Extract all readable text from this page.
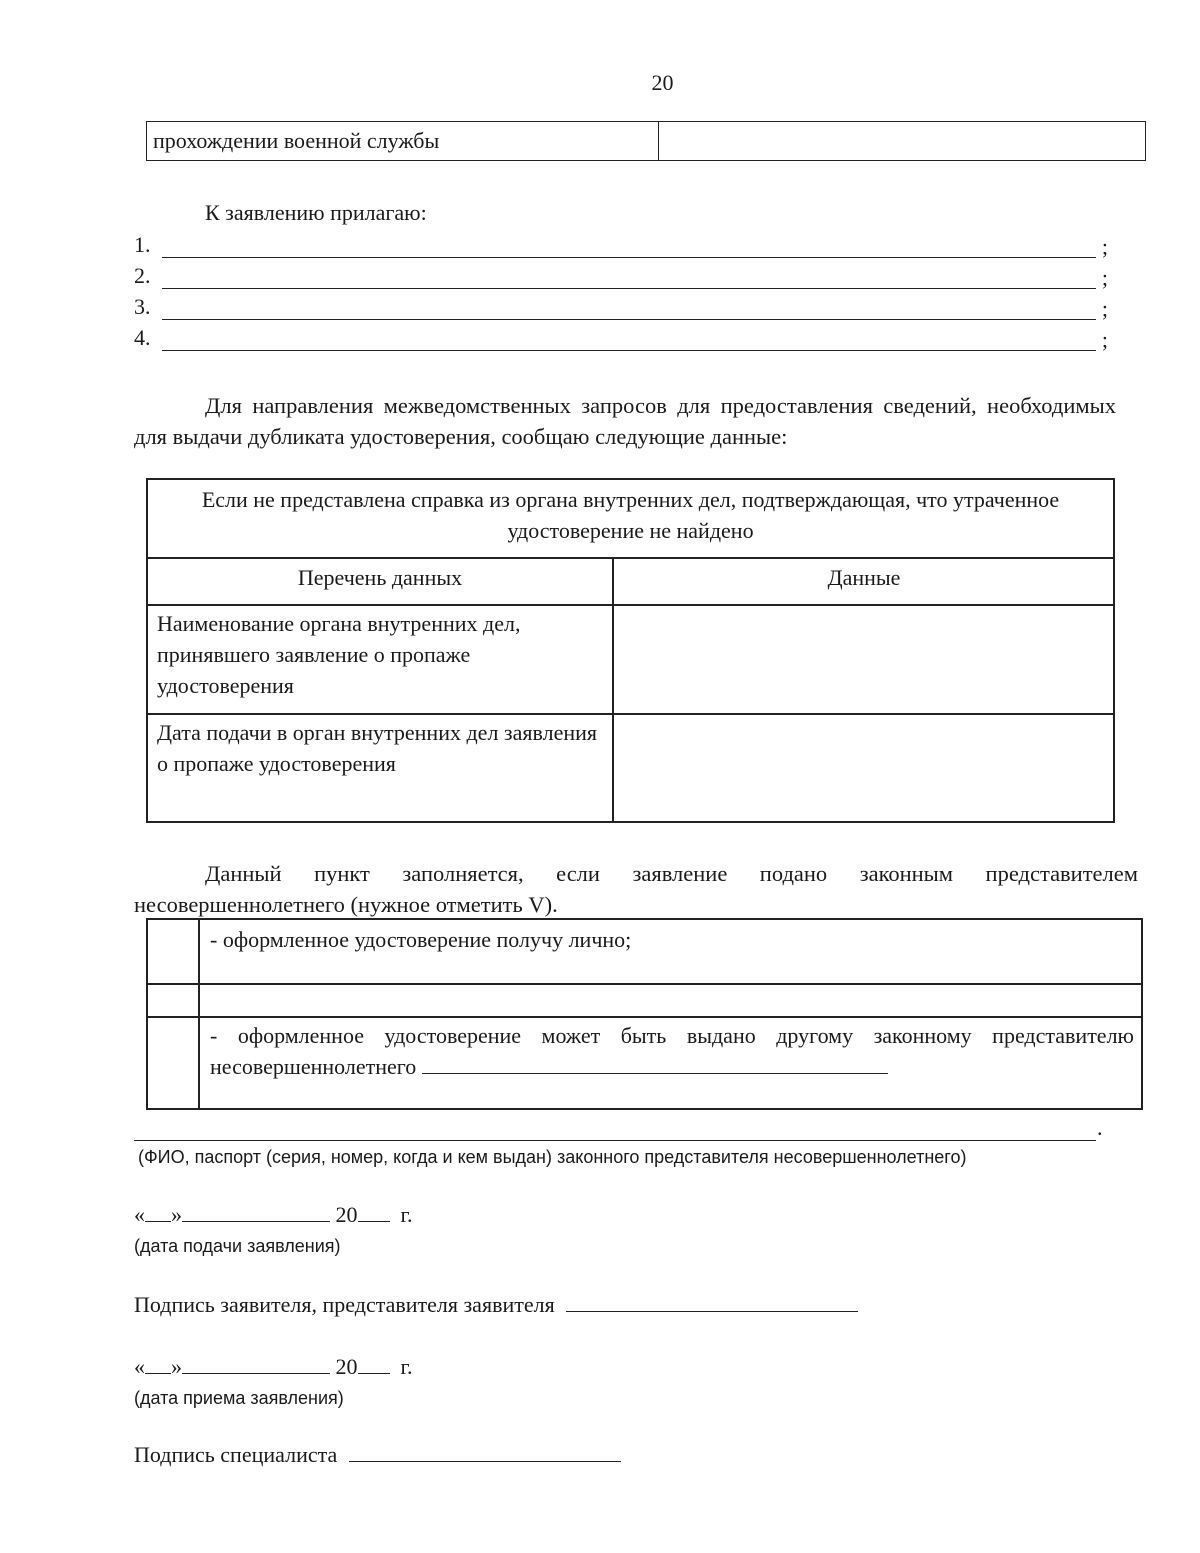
20
прохождении военной службы
К заявлению прилагаю:
1.	;
2.	;
3.	;
4.	;
Для направления межведомственных запросов для предоставления сведений, необходимых для выдачи дубликата удостоверения, сообщаю следующие данные:
Если не представлена справка из органа внутренних дел, подтверждающая, что утраченное удостоверение не найдено
Перечень данных	Данные
Наименование органа внутренних дел, принявшего заявление о пропаже удостоверения
Дата подачи в орган внутренних дел заявления о пропаже удостоверения
Данный пункт заполняется, если заявление подано законным представителем несовершеннолетнего (нужное отметить V).
- оформленное удостоверение получу лично;
- оформленное удостоверение может быть выдано другому законному представителю несовершеннолетнего
.
(ФИО, паспорт (серия, номер, когда и кем выдан) законного представителя несовершеннолетнего)
« »	20 г.
(дата подачи заявления)
Подпись заявителя, представителя заявителя
« »	20 г.
(дата приема заявления)
Подпись специалиста
